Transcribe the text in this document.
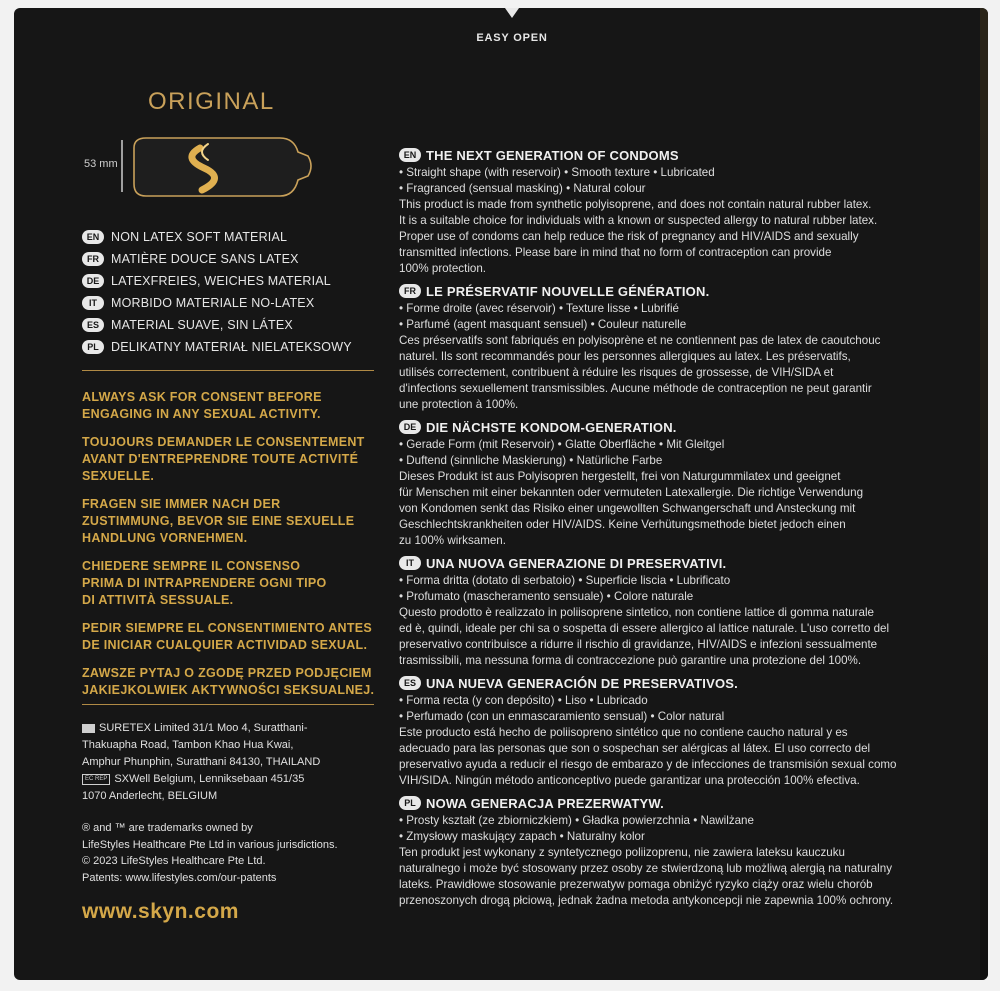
EASY OPEN
ORIGINAL
53 mm
EN NON LATEX SOFT MATERIAL
FR MATIÈRE DOUCE SANS LATEX
DE LATEXFREIES, WEICHES MATERIAL
IT	MORBIDO MATERIALE NO-LATEX
ES MATERIAL SUAVE, SIN LÁTEX
PL DELIKATNY MATERIAŁ NIELATEKSOWY
ALWAYS ASK FOR CONSENT BEFORE
ENGAGING IN ANY SEXUAL ACTIVITY.
TOUJOURS DEMANDER LE CONSENTEMENT
AVANT D'ENTREPRENDRE TOUTE ACTIVITÉ
SEXUELLE.
FRAGEN SIE IMMER NACH DER
ZUSTIMMUNG, BEVOR SIE EINE SEXUELLE
HANDLUNG VORNEHMEN.
CHIEDERE SEMPRE IL CONSENSO
PRIMA DI INTRAPRENDERE OGNI TIPO
DI ATTIVITÀ SESSUALE.
PEDIR SIEMPRE EL CONSENTIMIENTO ANTES
DE INICIAR CUALQUIER ACTIVIDAD SEXUAL.
ZAWSZE PYTAJ O ZGODĘ PRZED PODJĘCIEM
JAKIEJKOLWIEK AKTYWNOŚCI SEKSUALNEJ.
SURETEX Limited 31/1 Moo 4, Suratthani-
Thakuapha Road, Tambon Khao Hua Kwai,
Amphur Phunphin, Suratthani 84130, THAILAND
EC REP SXWell Belgium, Lenniksebaan 451/35
1070 Anderlecht, BELGIUM
® and ™ are trademarks owned by
LifeStyles Healthcare Pte Ltd in various jurisdictions.
© 2023 LifeStyles Healthcare Pte Ltd.
Patents: www.lifestyles.com/our-patents
www.skyn.com
EN THE NEXT GENERATION OF CONDOMS
• Straight shape (with reservoir) • Smooth texture • Lubricated
• Fragranced (sensual masking) • Natural colour
This product is made from synthetic polyisoprene, and does not contain natural rubber latex.
It is a suitable choice for individuals with a known or suspected allergy to natural rubber latex.
Proper use of condoms can help reduce the risk of pregnancy and HIV/AIDS and sexually
transmitted infections. Please bare in mind that no form of contraception can provide
100% protection.
FR LE PRÉSERVATIF NOUVELLE GÉNÉRATION.
• Forme droite (avec réservoir) • Texture lisse • Lubrifié
• Parfumé (agent masquant sensuel) • Couleur naturelle
Ces préservatifs sont fabriqués en polyisoprène et ne contiennent pas de latex de caoutchouc
naturel. Ils sont recommandés pour les personnes allergiques au latex. Les préservatifs,
utilisés correctement, contribuent à réduire les risques de grossesse, de VIH/SIDA et
d'infections sexuellement transmissibles. Aucune méthode de contraception ne peut garantir
une protection à 100%.
DE DIE NÄCHSTE KONDOM-GENERATION.
• Gerade Form (mit Reservoir) • Glatte Oberfläche • Mit Gleitgel
• Duftend (sinnliche Maskierung) • Natürliche Farbe
Dieses Produkt ist aus Polyisopren hergestellt, frei von Naturgummilatex und geeignet
für Menschen mit einer bekannten oder vermuteten Latexallergie. Die richtige Verwendung
von Kondomen senkt das Risiko einer ungewollten Schwangerschaft und Ansteckung mit
Geschlechtskrankheiten oder HIV/AIDS. Keine Verhütungsmethode bietet jedoch einen
zu 100% wirksamen.
IT UNA NUOVA GENERAZIONE DI PRESERVATIVI.
• Forma dritta (dotato di serbatoio) • Superficie liscia • Lubrificato
• Profumato (mascheramento sensuale) • Colore naturale
Questo prodotto è realizzato in poliisoprene sintetico, non contiene lattice di gomma naturale
ed è, quindi, ideale per chi sa o sospetta di essere allergico al lattice naturale. L'uso corretto del
preservativo contribuisce a ridurre il rischio di gravidanze, HIV/AIDS e infezioni sessualmente
trasmissibili, ma nessuna forma di contraccezione può garantire una protezione del 100%.
ES UNA NUEVA GENERACIÓN DE PRESERVATIVOS.
• Forma recta (y con depósito) • Liso • Lubricado
• Perfumado (con un enmascaramiento sensual) • Color natural
Este producto está hecho de poliisopreno sintético que no contiene caucho natural y es
adecuado para las personas que son o sospechan ser alérgicas al látex. El uso correcto del
preservativo ayuda a reducir el riesgo de embarazo y de infecciones de transmisión sexual como
VIH/SIDA. Ningún método anticonceptivo puede garantizar una protección 100% efectiva.
PL NOWA GENERACJA PREZERWATYW.
• Prosty kształt (ze zbiorniczkiem) • Gładka powierzchnia • Nawilżane
• Zmysłowy maskujący zapach • Naturalny kolor
Ten produkt jest wykonany z syntetycznego poliizoprenu, nie zawiera lateksu kauczuku
naturalnego i może być stosowany przez osoby ze stwierdzoną lub możliwą alergią na naturalny
lateks. Prawidłowe stosowanie prezerwatyw pomaga obniżyć ryzyko ciąży oraz wielu chorób
przenoszonych drogą płciową, jednak żadna metoda antykoncepcji nie zapewnia 100% ochrony.
